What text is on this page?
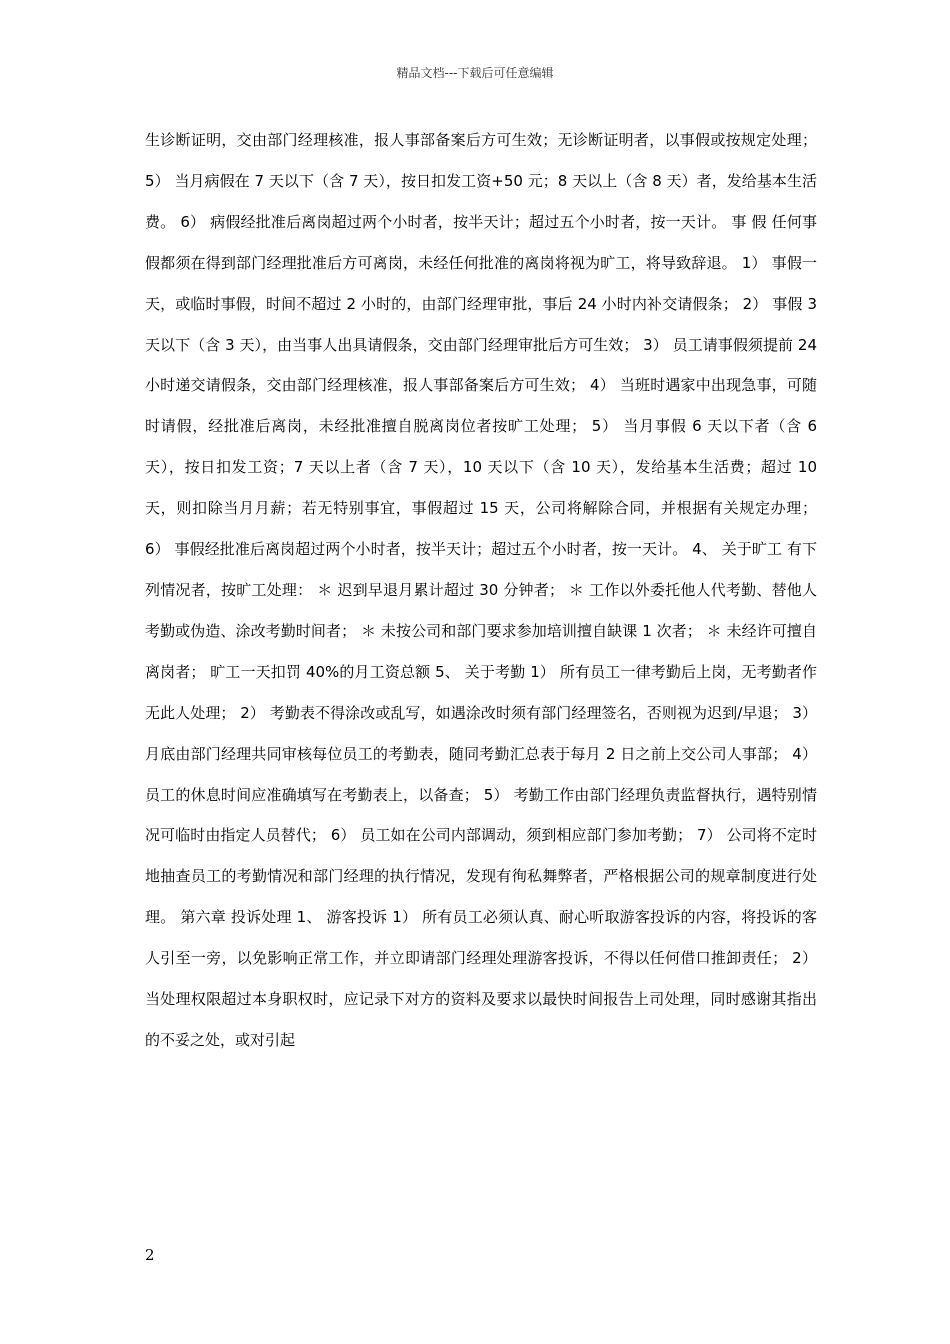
精品文档---下载后可任意编辑

生诊断证明，交由部门经理核准，报人事部备案后方可生效；无诊断证明者，以事假或按规定处理； 5） 当月病假在 7 天以下（含 7 天），按日扣发工资+50 元；8 天以上（含 8 天）者，发给基本生活费。 6） 病假经批准后离岗超过两个小时者，按半天计；超过五个小时者，按一天计。 事 假 任何事假都须在得到部门经理批准后方可离岗，未经任何批准的离岗将视为旷工，将导致辞退。 1） 事假一天，或临时事假，时间不超过 2 小时的，由部门经理审批，事后 24 小时内补交请假条； 2） 事假 3 天以下（含 3 天），由当事人出具请假条，交由部门经理审批后方可生效； 3） 员工请事假须提前 24 小时递交请假条，交由部门经理核准，报人事部备案后方可生效； 4） 当班时遇家中出现急事，可随时请假，经批准后离岗，未经批准擅自脱离岗位者按旷工处理； 5） 当月事假 6 天以下者（含 6 天），按日扣发工资；7 天以上者（含 7 天），10 天以下（含 10 天），发给基本生活费；超过 10 天，则扣除当月月薪；若无特别事宜，事假超过 15 天，公司将解除合同，并根据有关规定办理； 6） 事假经批准后离岗超过两个小时者，按半天计；超过五个小时者，按一天计。 4、 关于旷工 有下列情况者，按旷工处理： ＊ 迟到早退月累计超过 30 分钟者； ＊ 工作以外委托他人代考勤、替他人考勤或伪造、涂改考勤时间者； ＊ 未按公司和部门要求参加培训擅自缺课 1 次者； ＊ 未经许可擅自离岗者； 旷工一天扣罚 40%的月工资总额 5、 关于考勤 1） 所有员工一律考勤后上岗，无考勤者作无此人处理； 2） 考勤表不得涂改或乱写，如遇涂改时须有部门经理签名，否则视为迟到/早退； 3） 月底由部门经理共同审核每位员工的考勤表，随同考勤汇总表于每月 2 日之前上交公司人事部； 4） 员工的休息时间应准确填写在考勤表上，以备查； 5） 考勤工作由部门经理负责监督执行，遇特别情况可临时由指定人员替代； 6） 员工如在公司内部调动，须到相应部门参加考勤； 7） 公司将不定时地抽查员工的考勤情况和部门经理的执行情况，发现有徇私舞弊者，严格根据公司的规章制度进行处理。 第六章 投诉处理 1、 游客投诉 1） 所有员工必须认真、耐心听取游客投诉的内容，将投诉的客人引至一旁，以免影响正常工作，并立即请部门经理处理游客投诉，不得以任何借口推卸责任； 2） 当处理权限超过本身职权时，应记录下对方的资料及要求以最快时间报告上司处理，同时感谢其指出的不妥之处，或对引起

2
